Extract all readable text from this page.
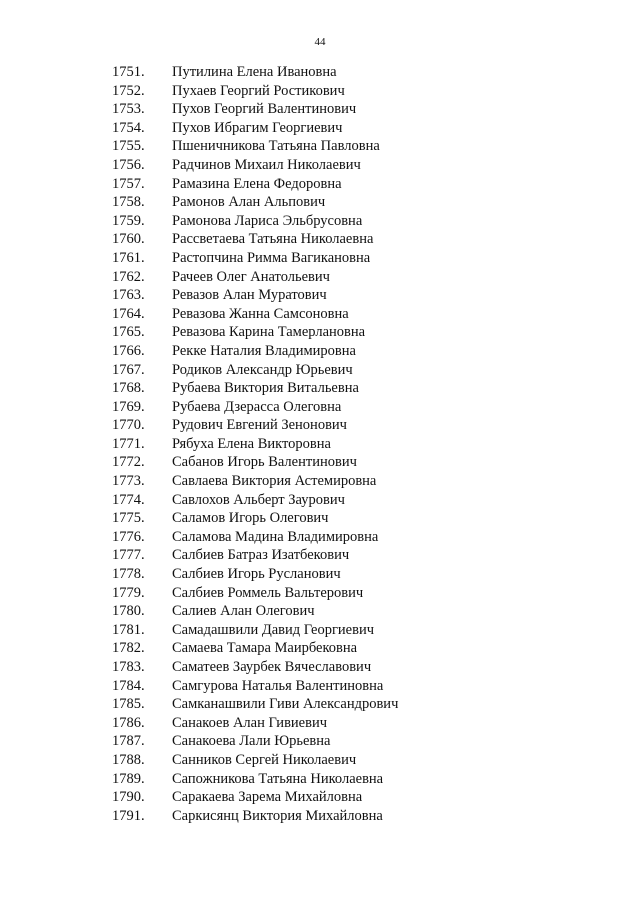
44
1751. Путилина Елена Ивановна
1752. Пухаев Георгий Ростикович
1753. Пухов Георгий Валентинович
1754. Пухов Ибрагим Георгиевич
1755. Пшеничникова Татьяна Павловна
1756. Радчинов Михаил Николаевич
1757. Рамазина Елена Федоровна
1758. Рамонов Алан Альпович
1759. Рамонова Лариса Эльбрусовна
1760. Рассветаева Татьяна Николаевна
1761. Растопчина Римма Вагикановна
1762. Рачеев Олег Анатольевич
1763. Ревазов Алан Муратович
1764. Ревазова Жанна Самсоновна
1765. Ревазова Карина Тамерлановна
1766. Рекке Наталия Владимировна
1767. Родиков Александр Юрьевич
1768. Рубаева Виктория Витальевна
1769. Рубаева Дзерасса Олеговна
1770. Рудович Евгений Зенонович
1771. Рябуха Елена Викторовна
1772. Сабанов Игорь Валентинович
1773. Савлаева Виктория Астемировна
1774. Савлохов Альберт Заурович
1775. Саламов Игорь Олегович
1776. Саламова Мадина Владимировна
1777. Салбиев Батраз Изатбекович
1778. Салбиев Игорь Русланович
1779. Салбиев Роммель Вальтерович
1780. Салиев Алан Олегович
1781. Самадашвили Давид Георгиевич
1782. Самаева Тамара Маирбековна
1783. Саматеев Заурбек Вячеславович
1784. Самгурова Наталья Валентиновна
1785. Самканашвили Гиви Александрович
1786. Санакоев Алан Гивиевич
1787. Санакоева Лали Юрьевна
1788. Санников Сергей Николаевич
1789. Сапожникова Татьяна Николаевна
1790. Саракаева Зарема Михайловна
1791. Саркисянц Виктория Михайловна
